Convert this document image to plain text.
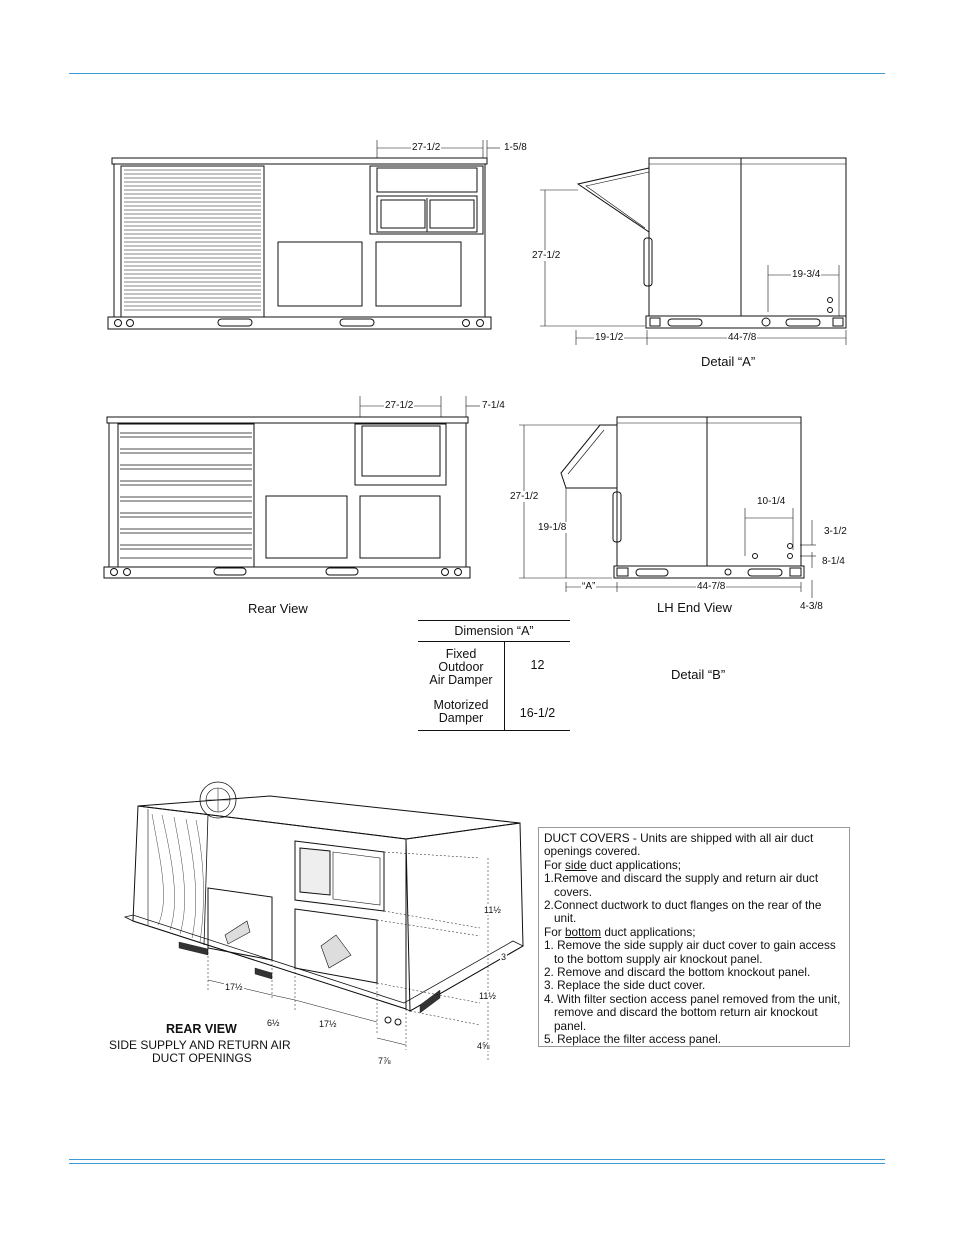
27-1/2	1-5/8
27-1/2
19-3/4
19-1/2	44-7/8
Detail “A”
27-1/2	7-1/4
27-1/2
19-1/8
10-1/4
3-1/2
8-1/4
“A”	44-7/8
4-3/8
Rear View	LH End View
Detail “B”
Dimension “A”	
Fixed
Outdoor
Air Damper	12
Motorized
Damper	16-1/2
11½
3
11½
4⅝
17½
6½	17½
7⅞
REAR VIEW
SIDE SUPPLY AND RETURN AIR
DUCT OPENINGS

DUCT COVERS - Units are shipped with all air duct openings covered.

For side duct applications;

1.Remove and discard the supply and return air duct covers.

2.Connect ductwork to duct flanges on the rear of the unit.

For bottom duct applications;

1. Remove the side supply air duct cover to gain access to the bottom supply air knockout panel.

2. Remove and discard the bottom knockout panel.

3. Replace the side duct cover.

4. With filter section access panel removed from the unit, remove and discard the bottom return air knockout panel.

5. Replace the filter access panel.
